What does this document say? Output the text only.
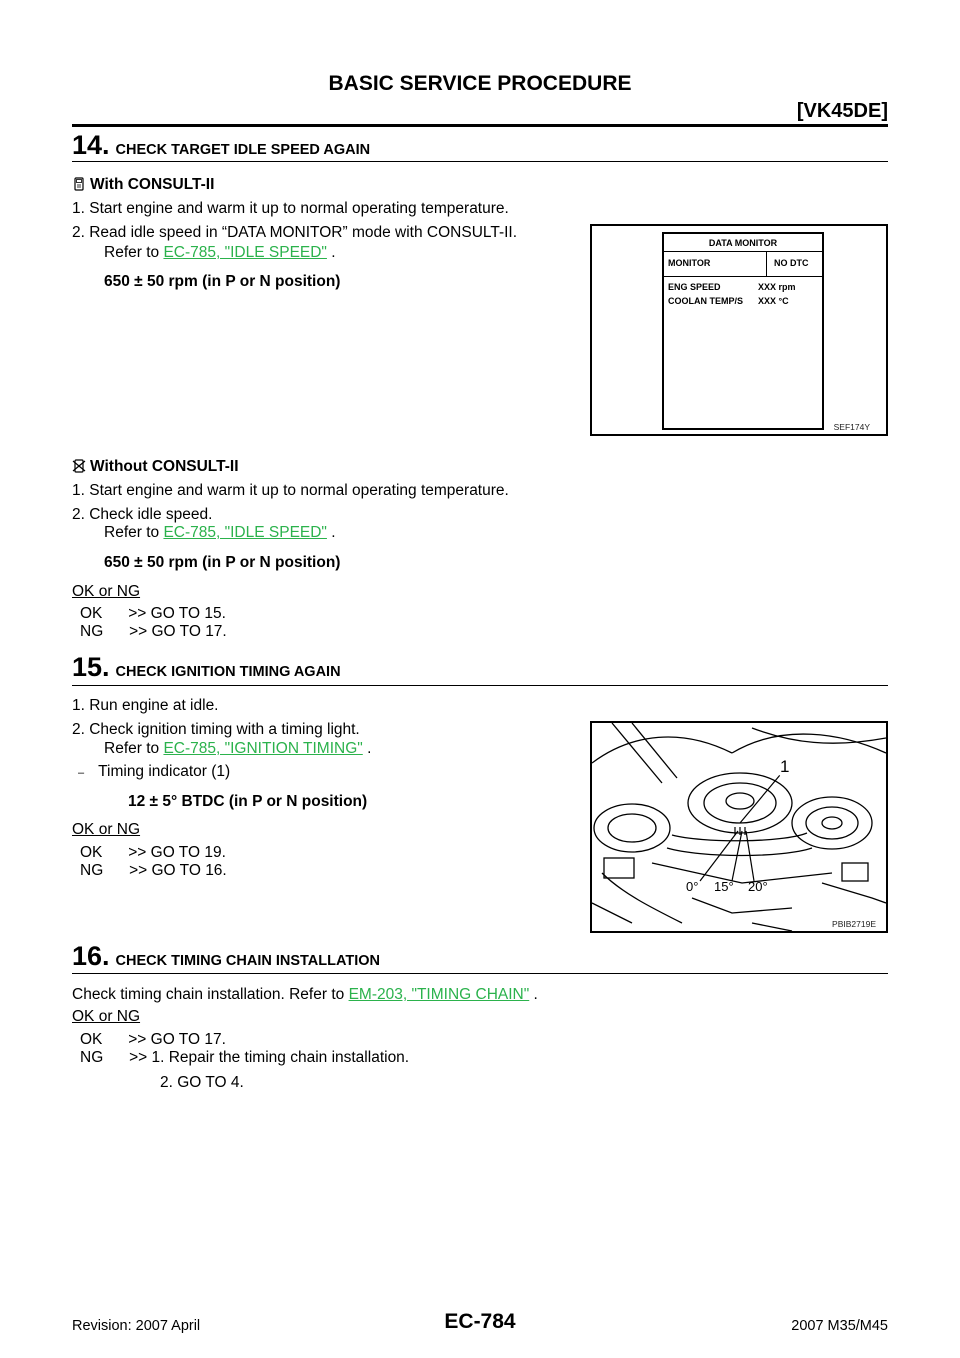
BASIC SERVICE PROCEDURE
[VK45DE]
14. CHECK TARGET IDLE SPEED AGAIN
With CONSULT-II
1. Start engine and warm it up to normal operating temperature.
2. Read idle speed in “DATA MONITOR” mode with CONSULT-II.
Refer to EC-785, "IDLE SPEED" .
650 ± 50 rpm (in P or N position)
DATA MONITOR
MONITOR	NO DTC
ENG SPEED	XXX rpm
COOLAN TEMP/S XXX °C
SEF174Y
Without CONSULT-II
1. Start engine and warm it up to normal operating temperature.
2. Check idle speed.
Refer to EC-785, "IDLE SPEED" .
650 ± 50 rpm (in P or N position)
OK or NG
OK      >> GO TO 15.
NG      >> GO TO 17.
15. CHECK IGNITION TIMING AGAIN
1. Run engine at idle.
2. Check ignition timing with a timing light.
Refer to EC-785, "IGNITION TIMING" .
– Timing indicator (1)
12 ± 5° BTDC (in P or N position)
OK or NG
OK      >> GO TO 19.
NG      >> GO TO 16.
1
0° 15° 20°
PBIB2719E
16. CHECK TIMING CHAIN INSTALLATION
Check timing chain installation. Refer to EM-203, "TIMING CHAIN" .
OK or NG
OK      >> GO TO 17.
NG      >> 1. Repair the timing chain installation.
2. GO TO 4.
Revision: 2007 April	EC-784	2007 M35/M45
